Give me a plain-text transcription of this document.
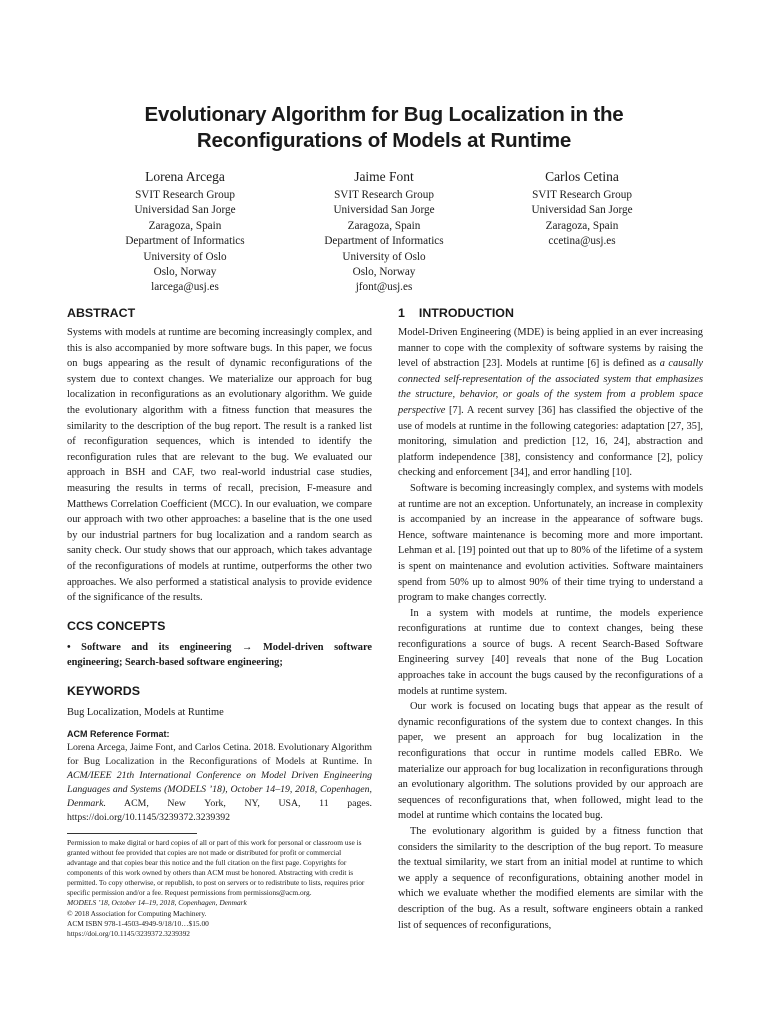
Evolutionary Algorithm for Bug Localization in the Reconfigurations of Models at Runtime
Lorena Arcega
SVIT Research Group
Universidad San Jorge
Zaragoza, Spain
Department of Informatics
University of Oslo
Oslo, Norway
larcega@usj.es
Jaime Font
SVIT Research Group
Universidad San Jorge
Zaragoza, Spain
Department of Informatics
University of Oslo
Oslo, Norway
jfont@usj.es
Carlos Cetina
SVIT Research Group
Universidad San Jorge
Zaragoza, Spain
ccetina@usj.es
ABSTRACT

Systems with models at runtime are becoming increasingly complex, and this is also accompanied by more software bugs. In this paper, we focus on bugs appearing as the result of dynamic reconfigurations of the system due to context changes. We materialize our approach for bug localization in reconfigurations as an evolutionary algorithm. We guide the evolutionary algorithm with a fitness function that measures the similarity to the description of the bug report. The result is a ranked list of reconfiguration sequences, which is intended to identify the reconfiguration rules that are relevant to the bug. We evaluated our approach in BSH and CAF, two real-world industrial case studies, measuring the results in terms of recall, precision, F-measure and Matthews Correlation Coefficient (MCC). In our evaluation, we compare our approach with two other approaches: a baseline that is the one used by our industrial partners for bug localization and a random search as sanity check. Our study shows that our approach, which takes advantage of the reconfigurations of models at runtime, outperforms the other two approaches. We also performed a statistical analysis to provide evidence of the significance of the results.

CCS CONCEPTS

• Software and its engineering → Model-driven software engineering; Search-based software engineering;

KEYWORDS

Bug Localization, Models at Runtime

ACM Reference Format:

Lorena Arcega, Jaime Font, and Carlos Cetina. 2018. Evolutionary Algorithm for Bug Localization in the Reconfigurations of Models at Runtime. In ACM/IEEE 21th International Conference on Model Driven Engineering Languages and Systems (MODELS ’18), October 14–19, 2018, Copenhagen, Denmark. ACM, New York, NY, USA, 11 pages. https://doi.org/10.1145/3239372.3239392

Permission to make digital or hard copies of all or part of this work for personal or classroom use is granted without fee provided that copies are not made or distributed for profit or commercial advantage and that copies bear this notice and the full citation on the first page. Copyrights for components of this work owned by others than ACM must be honored. Abstracting with credit is permitted. To copy otherwise, or republish, to post on servers or to redistribute to lists, requires prior specific permission and/or a fee. Request permissions from permissions@acm.org.

MODELS ’18, October 14–19, 2018, Copenhagen, Denmark
© 2018 Association for Computing Machinery.
ACM ISBN 978-1-4503-4949-9/18/10…$15.00
https://doi.org/10.1145/3239372.3239392
1 INTRODUCTION

Model-Driven Engineering (MDE) is being applied in an ever increasing manner to cope with the complexity of software systems by raising the level of abstraction [23]. Models at runtime [6] is defined as a causally connected self-representation of the associated system that emphasizes the structure, behavior, or goals of the system from a problem space perspective [7]. A recent survey [36] has classified the objective of the use of models at runtime in the following categories: adaptation [27, 35], monitoring, simulation and prediction [12, 16, 24], abstraction and platform independence [38], consistency and conformance [2], policy checking and enforcement [34], and error handling [10].

Software is becoming increasingly complex, and systems with models at runtime are not an exception. Unfortunately, an increase in complexity is accompanied by an increase in the appearance of software bugs. Hence, software maintenance is becoming more and more important. Lehman et al. [19] pointed out that up to 80% of the lifetime of a system is spent on maintenance and evolution activities. Software maintainers spend from 50% up to almost 90% of their time trying to understand a program to make changes correctly.

In a system with models at runtime, the models experience reconfigurations at runtime due to context changes, being these reconfigurations a source of bugs. A recent Search-Based Software Engineering survey [40] reveals that none of the Bug Location approaches take in account the bugs caused by the reconfigurations of a models at runtime system.

Our work is focused on locating bugs that appear as the result of dynamic reconfigurations of the system due to context changes. In this paper, we present an approach for bug localization in the reconfigurations that occur in runtime models called EBRo. We materialize our approach for bug localization in reconfigurations through an evolutionary algorithm. The solutions provided by our approach are sequences of reconfigurations that, when followed, might lead to the model at runtime which contains the located bug.

The evolutionary algorithm is guided by a fitness function that considers the similarity to the description of the bug report. To measure the textual similarity, we start from an initial model at runtime to which we apply a sequence of reconfigurations, obtaining another model in which we evaluate whether the modified elements are similar with the description of the bug. As a result, software engineers obtain a ranked list of sequences of reconfigurations,
